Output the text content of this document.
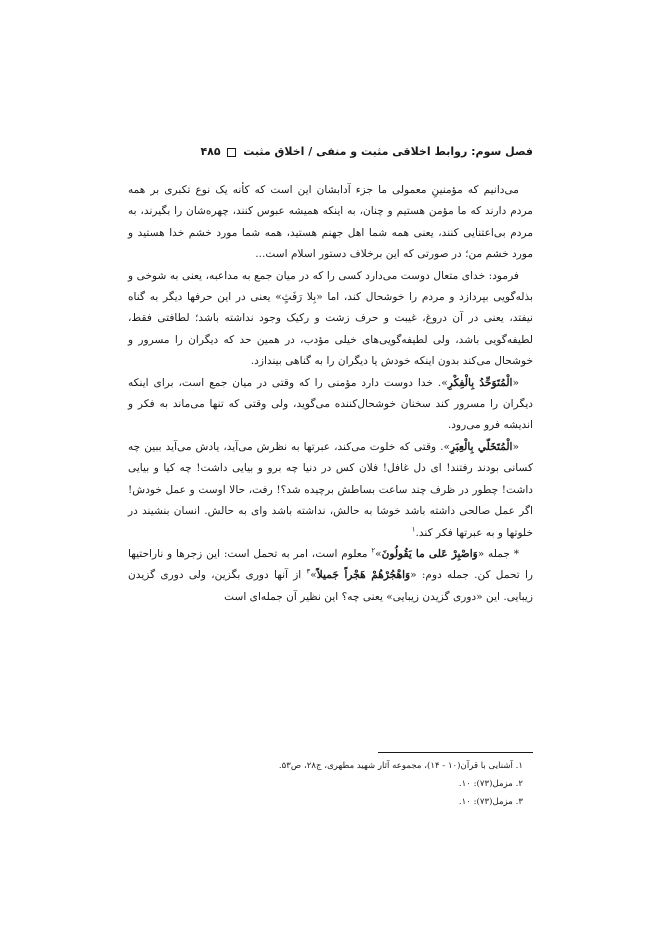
فصل سوم: روابط اخلاقی مثبت و منفی / اخلاق مثبت  ۴۸۵

می‌دانیم که مؤمنینِ معمولی ما جزء آدابشان این است که کأنه یک نوع تکبری بر همه مردم دارند که ما مؤمن هستیم و چنان، به اینکه همیشه عبوس کنند، چهره‌شان را بگیرند، به مردم بی‌اعتنایی کنند، یعنی همه شما اهل جهنم هستید، همه شما مورد خشم خدا هستید و مورد خشم من؛ در صورتی که این برخلاف دستور اسلام است...

فرمود: خدای متعال دوست می‌دارد کسی را که در میان جمع به مداعبه، یعنی به شوخی و بذله‌گویی بپردازد و مردم را خوشحال کند، اما «بِلا رَفَثٍ» یعنی در این حرفها دیگر به گناه نیفتد، یعنی در آن دروغ، غیبت و حرف زشت و رکیک وجود نداشته باشد؛ لطافتی فقط، لطیفه‌گویی باشد، ولی لطیفه‌گویی‌های خیلی مؤدب، در همین حد که دیگران را مسرور و خوشحال می‌کند بدون اینکه خودش یا دیگران را به گناهی بیندازد.

«الْمُتَوَحِّدُ بِالْفِكْرِ». خدا دوست دارد مؤمنی را که وقتی در میان جمع است، برای اینکه دیگران را مسرور کند سخنان خوشحال‌کننده می‌گوید، ولی وقتی که تنها می‌ماند به فکر و اندیشه فرو می‌رود.

«الْمُتَخَلّي بِالْعِبَرِ». وقتی که خلوت می‌کند، عبرتها به نظرش می‌آید، یادش می‌آید ببین چه کسانی بودند رفتند! ای دل غافل! فلان کس در دنیا چه برو و بیایی داشت! چه کیا و بیایی داشت! چطور در ظرف چند ساعت بساطش برچیده شد؟! رفت، حالا اوست و عمل خودش! اگر عمل صالحی داشته باشد خوشا به حالش، نداشته باشد وای به حالش. انسان بنشیند در خلوتها و به عبرتها فکر کند.$^۱$

* جمله «وَاصْبِرْ عَلى ما يَقُولُونَ»$^۲$ معلوم است، امر به تحمل است: این زجرها و ناراحتیها را تحمل کن. جمله دوم: «وَاهْجُرْهُمْ هَجْراً جَميلاً»$^۳$ از آنها دوری بگزین، ولی دوری گزیدن زیبایی. این «دوری گزیدن زیبایی» یعنی چه؟ این نظیر آن جمله‌ای است

۱. آشنایی با قرآن(۱۰ - ۱۴)، مجموعه آثار شهید مطهری، ج۲۸، ص۵۳.
۲. مزمل(۷۳): ۱۰.
۳. مزمل(۷۳): ۱۰.
